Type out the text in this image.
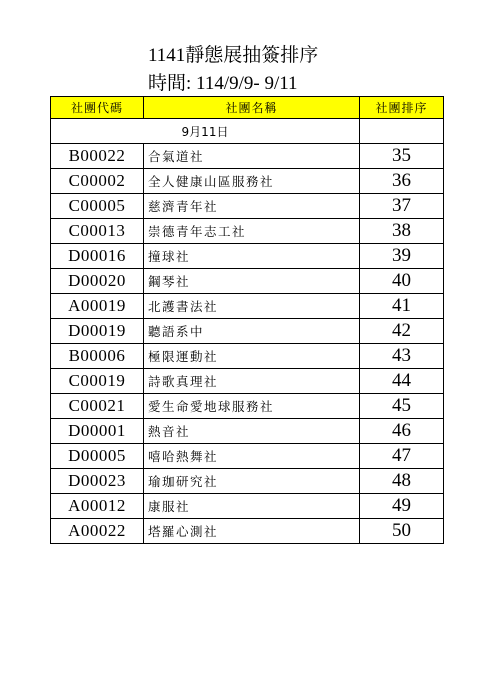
1141靜態展抽簽排序
時間: 114/9/9- 9/11
社團代碼	社團名稱	社團排序
9月11日		
B00022	合氣道社	35
C00002	全人健康山區服務社	36
C00005	慈濟青年社	37
C00013	崇德青年志工社	38
D00016	撞球社	39
D00020	鋼琴社	40
A00019	北護書法社	41
D00019	聽語系中	42
B00006	極限運動社	43
C00019	詩歌真理社	44
C00021	愛生命愛地球服務社	45
D00001	熱音社	46
D00005	嘻哈熱舞社	47
D00023	瑜珈研究社	48
A00012	康服社	49
A00022	塔羅心測社	50
